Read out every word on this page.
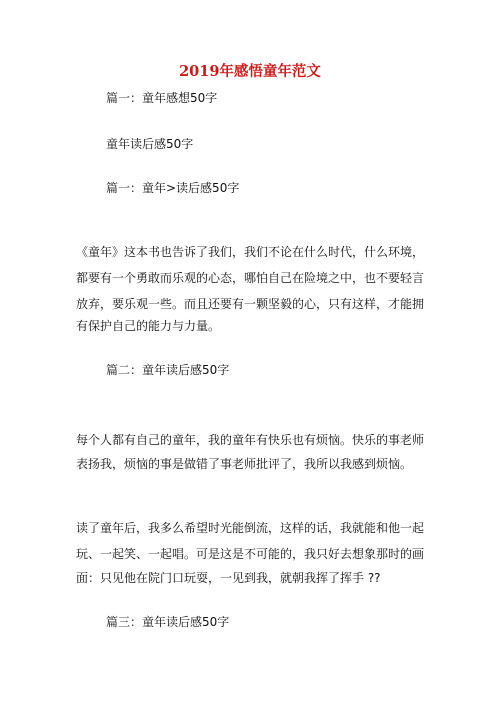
2019年感悟童年范文
篇一：童年感想50字
童年读后感50字
篇一：童年>读后感50字
《童年》这本书也告诉了我们，我们不论在什么时代，什么环境，
都要有一个勇敢而乐观的心态，哪怕自己在险境之中，也不要轻言
放弃，要乐观一些。而且还要有一颗坚毅的心，只有这样，才能拥
有保护自己的能力与力量。
篇二：童年读后感50字
每个人都有自己的童年，我的童年有快乐也有烦恼。快乐的事老师
表扬我，烦恼的事是做错了事老师批评了，我所以我感到烦恼。
读了童年后，我多么希望时光能倒流，这样的话，我就能和他一起
玩、一起笑、一起唱。可是这是不可能的，我只好去想象那时的画
面：只见他在院门口玩耍，一见到我，就朝我挥了挥手 ??
篇三：童年读后感50字
